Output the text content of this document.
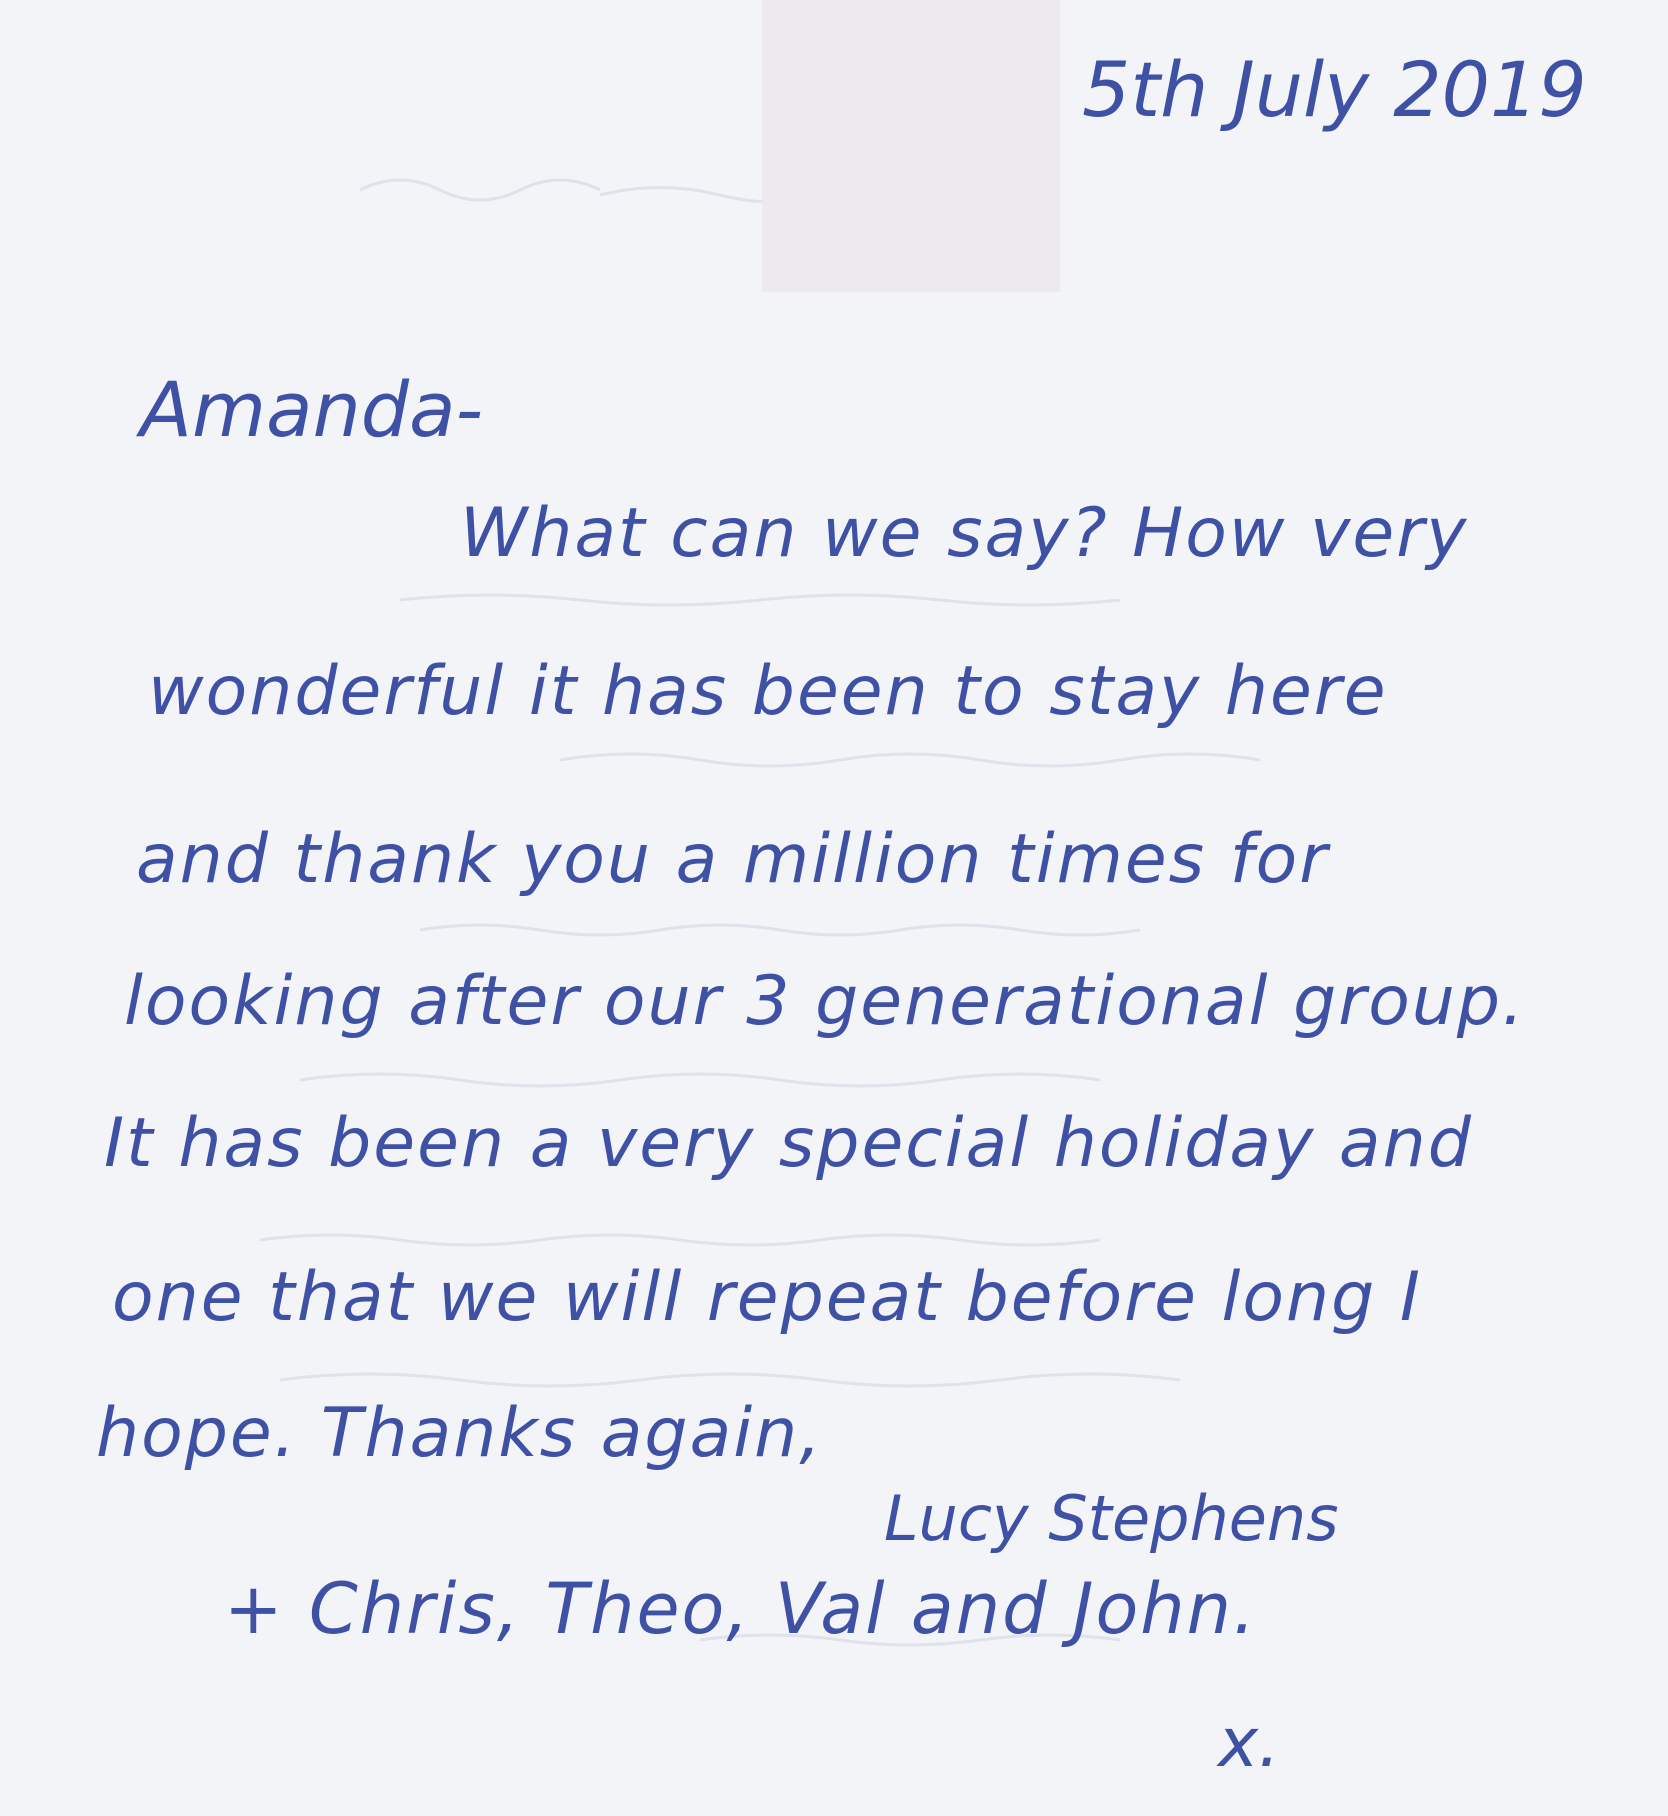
5th July 2019

Amanda-

What can we say? How very

wonderful it has been to stay here

and thank you a million times for

looking after our 3 generational group.

It has been a very special holiday and

one that we will repeat before long I

hope. Thanks again,

Lucy Stephens

+ Chris, Theo, Val and John.

x.
